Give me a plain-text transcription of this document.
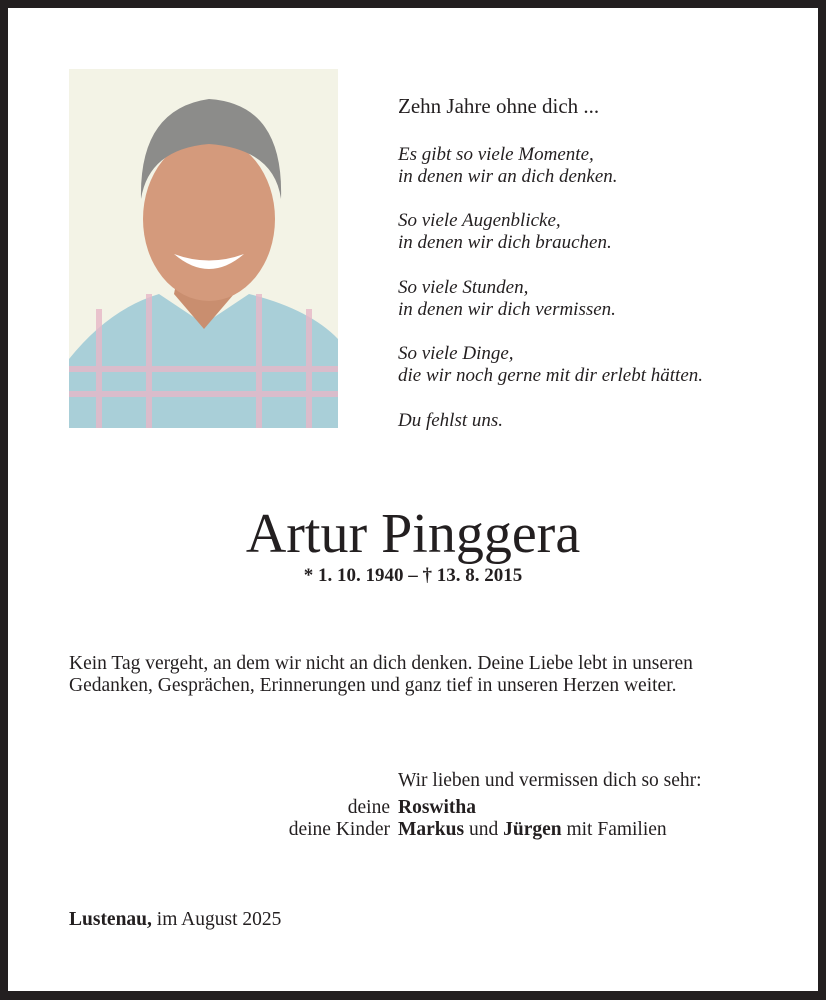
Zehn Jahre ohne dich ...
Es gibt so viele Momente,
in denen wir an dich denken.
So viele Augenblicke,
in denen wir dich brauchen.
So viele Stunden,
in denen wir dich vermissen.
So viele Dinge,
die wir noch gerne mit dir erlebt hätten.
Du fehlst uns.
Artur Pinggera
* 1. 10. 1940 – † 13. 8. 2015
Kein Tag vergeht, an dem wir nicht an dich denken. Deine Liebe lebt in unseren
Gedanken, Gesprächen, Erinnerungen und ganz tief in unseren Herzen weiter.
Wir lieben und vermissen dich so sehr:
deine Roswitha
deine Kinder Markus und Jürgen mit Familien
Lustenau, im August 2025
